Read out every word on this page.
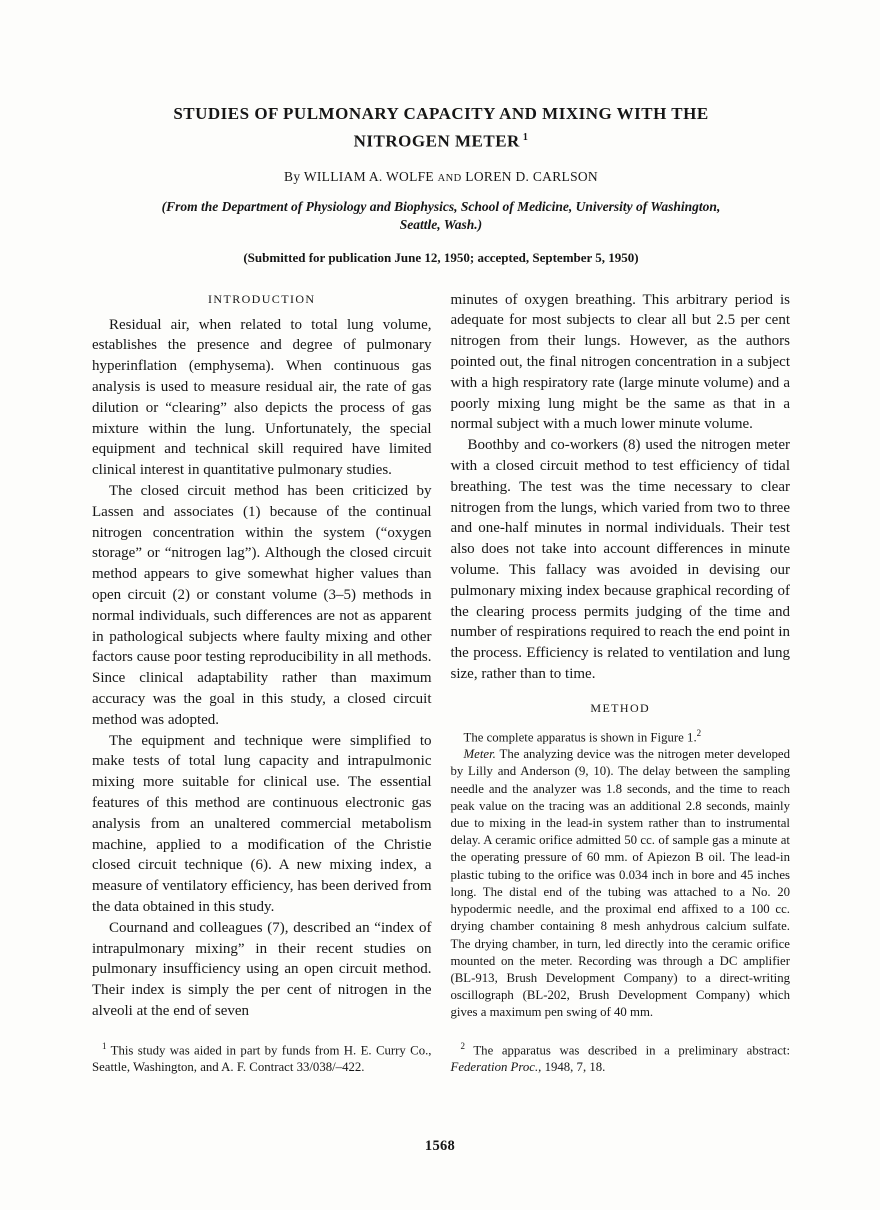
STUDIES OF PULMONARY CAPACITY AND MIXING WITH THE
NITROGEN METER $^1$
By WILLIAM A. WOLFE AND LOREN D. CARLSON

(From the Department of Physiology and Biophysics, School of Medicine, University of Washington, Seattle, Wash.)

(Submitted for publication June 12, 1950; accepted, September 5, 1950)

INTRODUCTION

Residual air, when related to total lung volume, establishes the presence and degree of pulmonary hyperinflation (emphysema). When continuous gas analysis is used to measure residual air, the rate of gas dilution or “clearing” also depicts the process of gas mixture within the lung. Unfortunately, the special equipment and technical skill required have limited clinical interest in quantitative pulmonary studies.

The closed circuit method has been criticized by Lassen and associates (1) because of the continual nitrogen concentration within the system (“oxygen storage” or “nitrogen lag”). Although the closed circuit method appears to give somewhat higher values than open circuit (2) or constant volume (3–5) methods in normal individuals, such differences are not as apparent in pathological subjects where faulty mixing and other factors cause poor testing reproducibility in all methods. Since clinical adaptability rather than maximum accuracy was the goal in this study, a closed circuit method was adopted.

The equipment and technique were simplified to make tests of total lung capacity and intrapulmonic mixing more suitable for clinical use. The essential features of this method are continuous electronic gas analysis from an unaltered commercial metabolism machine, applied to a modification of the Christie closed circuit technique (6). A new mixing index, a measure of ventilatory efficiency, has been derived from the data obtained in this study.

Cournand and colleagues (7), described an “index of intrapulmonary mixing” in their recent studies on pulmonary insufficiency using an open circuit method. Their index is simply the per cent of nitrogen in the alveoli at the end of seven

$^1$ This study was aided in part by funds from H. E. Curry Co., Seattle, Washington, and A. F. Contract 33/038/–422.

minutes of oxygen breathing. This arbitrary period is adequate for most subjects to clear all but 2.5 per cent nitrogen from their lungs. However, as the authors pointed out, the final nitrogen concentration in a subject with a high respiratory rate (large minute volume) and a poorly mixing lung might be the same as that in a normal subject with a much lower minute volume.

Boothby and co-workers (8) used the nitrogen meter with a closed circuit method to test efficiency of tidal breathing. The test was the time necessary to clear nitrogen from the lungs, which varied from two to three and one-half minutes in normal individuals. Their test also does not take into account differences in minute volume. This fallacy was avoided in devising our pulmonary mixing index because graphical recording of the clearing process permits judging of the time and number of respirations required to reach the end point in the process. Efficiency is related to ventilation and lung size, rather than to time.

METHOD

The complete apparatus is shown in Figure 1.$^2$

Meter. The analyzing device was the nitrogen meter developed by Lilly and Anderson (9, 10). The delay between the sampling needle and the analyzer was 1.8 seconds, and the time to reach peak value on the tracing was an additional 2.8 seconds, mainly due to mixing in the lead-in system rather than to instrumental delay. A ceramic orifice admitted 50 cc. of sample gas a minute at the operating pressure of 60 mm. of Apiezon B oil. The lead-in plastic tubing to the orifice was 0.034 inch in bore and 45 inches long. The distal end of the tubing was attached to a No. 20 hypodermic needle, and the proximal end affixed to a 100 cc. drying chamber containing 8 mesh anhydrous calcium sulfate. The drying chamber, in turn, led directly into the ceramic orifice mounted on the meter. Recording was through a DC amplifier (BL-913, Brush Development Company) to a direct-writing oscillograph (BL-202, Brush Development Company) which gives a maximum pen swing of 40 mm.

$^2$ The apparatus was described in a preliminary abstract: Federation Proc., 1948, 7, 18.

1568
